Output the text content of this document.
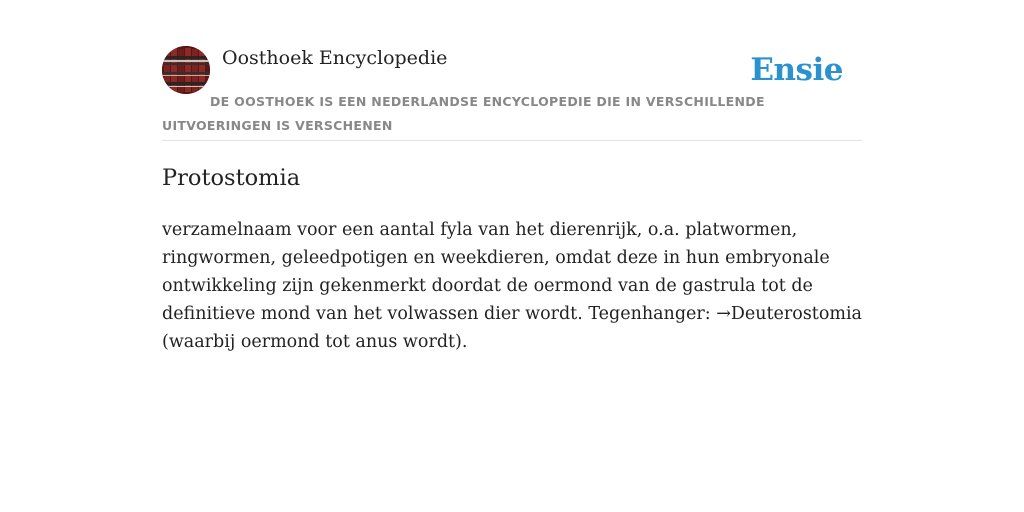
Oosthoek Encyclopedie	Ensie
DE OOSTHOEK IS EEN NEDERLANDSE ENCYCLOPEDIE DIE IN VERSCHILLENDE UITVOERINGEN IS VERSCHENEN
Protostomia

verzamelnaam voor een aantal fyla van het dierenrijk, o.a. platwormen, ringwormen, geleedpotigen en weekdieren, omdat deze in hun embryonale ontwikkeling zijn gekenmerkt doordat de oermond van de gastrula tot de definitieve mond van het volwassen dier wordt. Tegenhanger: →Deuterostomia (waarbij oermond tot anus wordt).
